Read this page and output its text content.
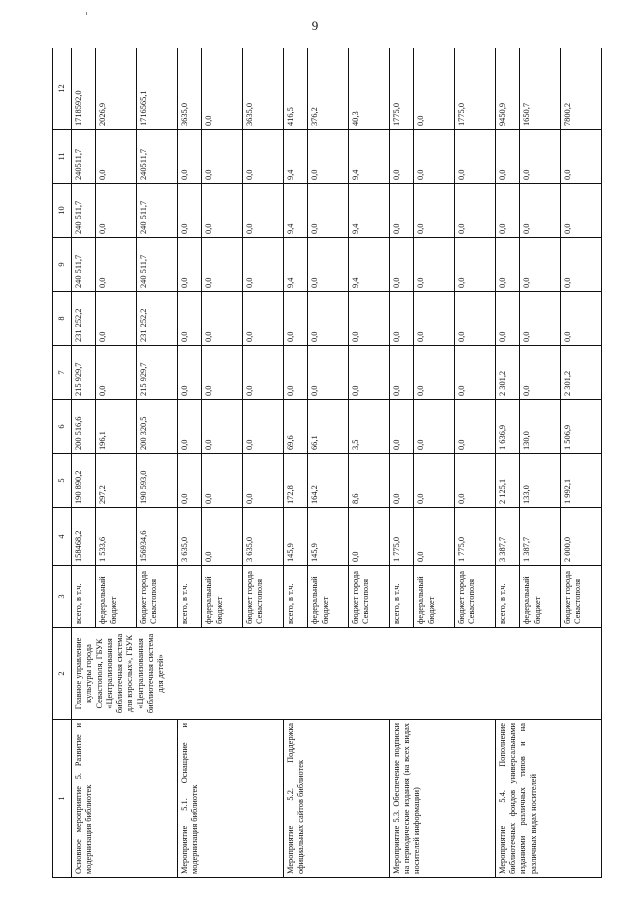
9
1	2	3	4	5	6	7	8	9	10	11	12
Основное мероприятие 5. Развитие и модернизация библиотек	Главное управление культуры города Севастополя, ГБУК «Централизованная библиотечная система для взрослых», ГБУК «Централизованная библиотечная система для детей»	всего, в т.ч.	158468,2	190 890,2	200 516,6	215 929,7	231 252,2	240 511,7	240 511,7	240511,7	1718592,0
		федеральный бюджет	1 533,6	297,2	196,1	0,0	0,0	0,0	0,0	0,0	2026,9
		бюджет города Севастополя	156934,6	190 593,0	200 320,5	215 929,7	231 252,2	240 511,7	240 511,7	240511,7	1716565,1
Мероприятие 5.1. Оснащение и модернизация библиотек		всего, в т.ч.	3 635,0	0,0	0,0	0,0	0,0	0,0	0,0	0,0	3635,0
		федеральный бюджет	0,0	0,0	0,0	0,0	0,0	0,0	0,0	0,0	0,0
		бюджет города Севастополя	3 635,0	0,0	0,0	0,0	0,0	0,0	0,0	0,0	3635,0
Мероприятие 5.2. Поддержка официальных сайтов библиотек		всего, в т.ч.	145,9	172,8	69,6	0,0	0,0	9,4	9,4	9,4	416,5
		федеральный бюджет	145,9	164,2	66,1	0,0	0,0	0,0	0,0	0,0	376,2
		бюджет города Севастополя	0,0	8,6	3,5	0,0	0,0	9,4	9,4	9,4	40,3
Мероприятие 5.3. Обеспечение подписки на периодические издания (на всех видах носителей информации)		всего, в т.ч.	1 775,0	0,0	0,0	0,0	0,0	0,0	0,0	0,0	1775,0
		федеральный бюджет	0,0	0,0	0,0	0,0	0,0	0,0	0,0	0,0	0,0
		бюджет города Севастополя	1 775,0	0,0	0,0	0,0	0,0	0,0	0,0	0,0	1775,0
Мероприятие 5.4. Пополнение библиотечных фондов универсальными изданиями различных типов и на различных видах носителей		всего, в т.ч.	3 387,7	2 125,1	1 636,9	2 301,2	0,0	0,0	0,0	0,0	9450,9
		федеральный бюджет	1 387,7	133,0	130,0	0,0	0,0	0,0	0,0	0,0	1650,7
		бюджет города Севастополя	2 000,0	1 992,1	1 506,9	2 301,2	0,0	0,0	0,0	0,0	7800,2
